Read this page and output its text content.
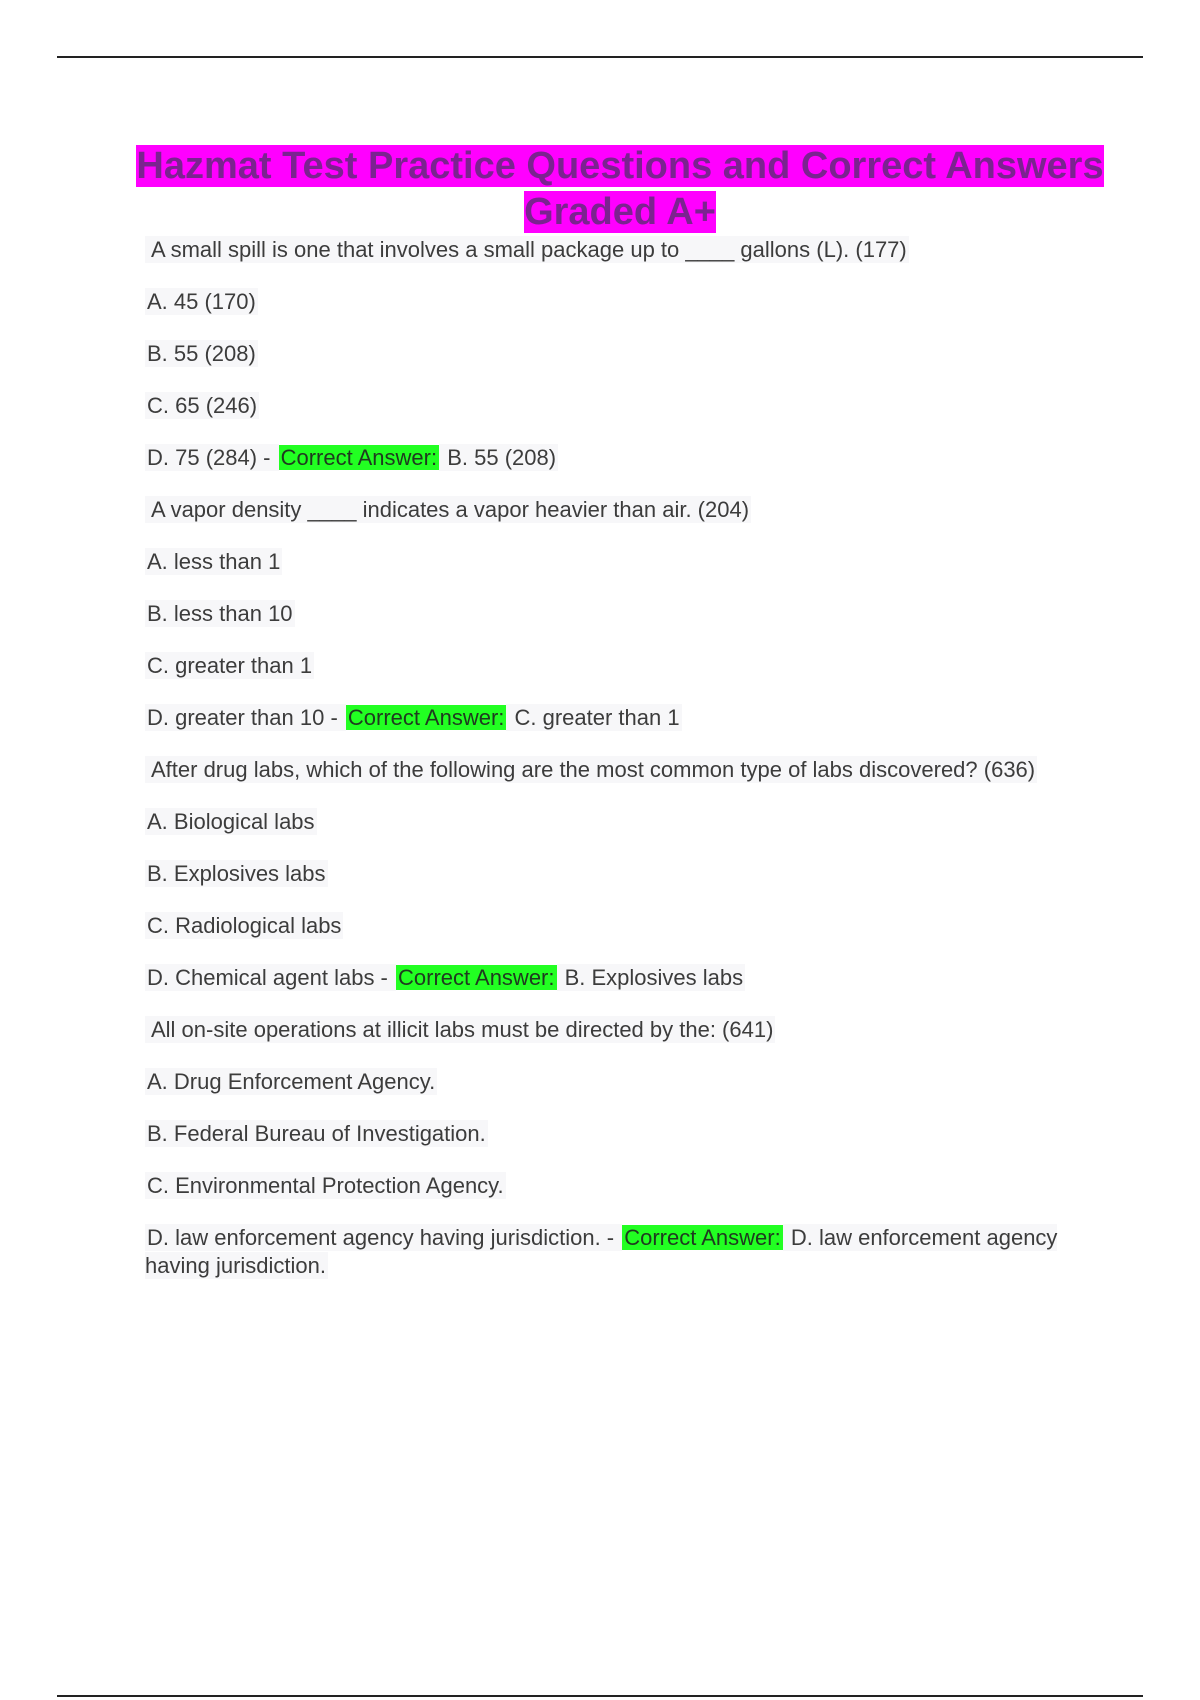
Hazmat Test Practice Questions and Correct Answers Graded A+

A small spill is one that involves a small package up to ____ gallons (L). (177)

A. 45 (170)

B. 55 (208)

C. 65 (246)

D. 75 (284) - Correct Answer: B. 55 (208)

A vapor density ____ indicates a vapor heavier than air. (204)

A. less than 1

B. less than 10

C. greater than 1

D. greater than 10 - Correct Answer: C. greater than 1

After drug labs, which of the following are the most common type of labs discovered? (636)

A. Biological labs

B. Explosives labs

C. Radiological labs

D. Chemical agent labs - Correct Answer: B. Explosives labs

All on-site operations at illicit labs must be directed by the: (641)

A. Drug Enforcement Agency.

B. Federal Bureau of Investigation.

C. Environmental Protection Agency.

D. law enforcement agency having jurisdiction. - Correct Answer: D. law enforcement agency having jurisdiction.
